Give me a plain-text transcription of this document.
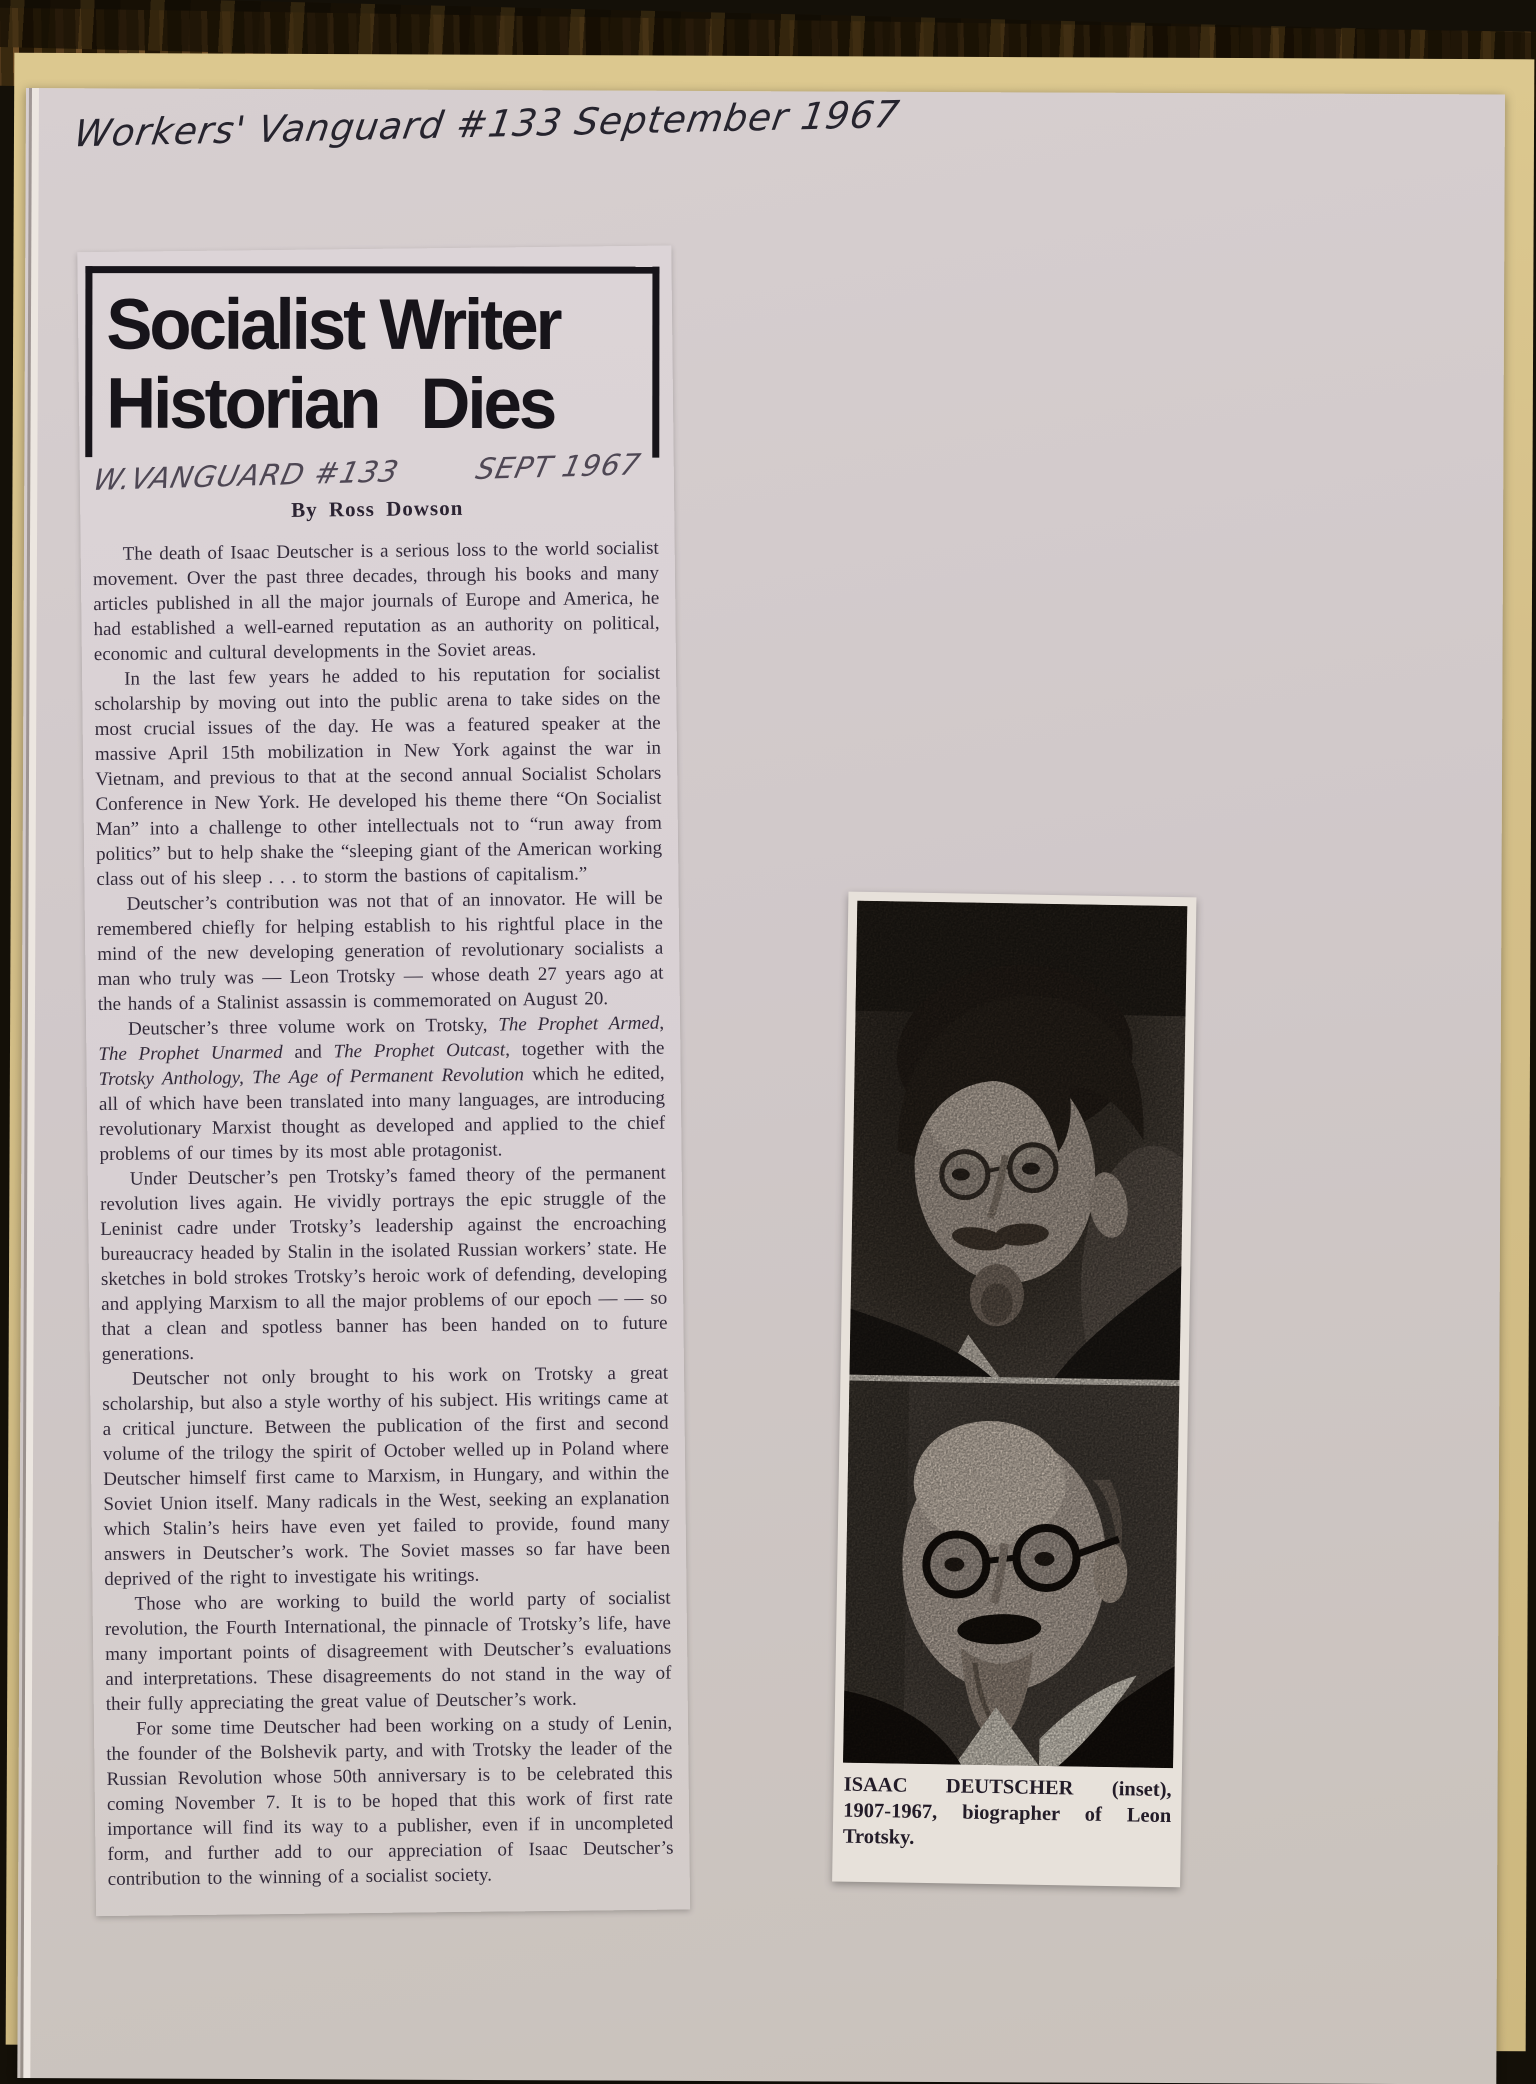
Workers' Vanguard #133 September 1967
Socialist Writer
Historian Dies
W.VANGUARD #133 SEPT 1967
By Ross Dowson

The death of Isaac Deutscher is a serious loss to the world socialist movement. Over the past three decades, through his books and many articles published in all the major journals of Europe and America, he had established a well-earned reputation as an authority on political, economic and cultural developments in the Soviet areas.

In the last few years he added to his reputation for socialist scholarship by moving out into the public arena to take sides on the most crucial issues of the day. He was a featured speaker at the massive April 15th mobilization in New York against the war in Vietnam, and previous to that at the second annual Socialist Scholars Conference in New York. He developed his theme there “On Socialist Man” into a challenge to other intellectuals not to “run away from politics” but to help shake the “sleeping giant of the American working class out of his sleep . . . to storm the bastions of capitalism.”

Deutscher’s contribution was not that of an innovator. He will be remembered chiefly for helping establish to his rightful place in the mind of the new developing generation of revolutionary socialists a man who truly was — Leon Trotsky — whose death 27 years ago at the hands of a Stalinist assassin is commemorated on August 20.

Deutscher’s three volume work on Trotsky, The Prophet Armed, The Prophet Unarmed and The Prophet Outcast, together with the Trotsky Anthology, The Age of Permanent Revolution which he edited, all of which have been translated into many languages, are introducing revolutionary Marxist thought as developed and applied to the chief problems of our times by its most able protagonist.

Under Deutscher’s pen Trotsky’s famed theory of the permanent revolution lives again. He vividly portrays the epic struggle of the Leninist cadre under Trotsky’s leadership against the encroaching bureaucracy headed by Stalin in the isolated Russian workers’ state. He sketches in bold strokes Trotsky’s heroic work of defending, developing and applying Marxism to all the major problems of our epoch — — so that a clean and spotless banner has been handed on to future generations.

Deutscher not only brought to his work on Trotsky a great scholarship, but also a style worthy of his subject. His writings came at a critical juncture. Between the publication of the first and second volume of the trilogy the spirit of October welled up in Poland where Deutscher himself first came to Marxism, in Hungary, and within the Soviet Union itself. Many radicals in the West, seeking an explanation which Stalin’s heirs have even yet failed to provide, found many answers in Deutscher’s work. The Soviet masses so far have been deprived of the right to investigate his writings.

Those who are working to build the world party of socialist revolution, the Fourth International, the pinnacle of Trotsky’s life, have many important points of disagreement with Deutscher’s evaluations and interpretations. These disagreements do not stand in the way of their fully appreciating the great value of Deutscher’s work.

For some time Deutscher had been working on a study of Lenin, the founder of the Bolshevik party, and with Trotsky the leader of the Russian Revolution whose 50th anniversary is to be celebrated this coming November 7. It is to be hoped that this work of first rate importance will find its way to a publisher, even if in uncompleted form, and further add to our appreciation of Isaac Deutscher’s contribution to the winning of a socialist society.

ISAAC DEUTSCHER (inset), 1907-1967, biographer of Leon Trotsky.
